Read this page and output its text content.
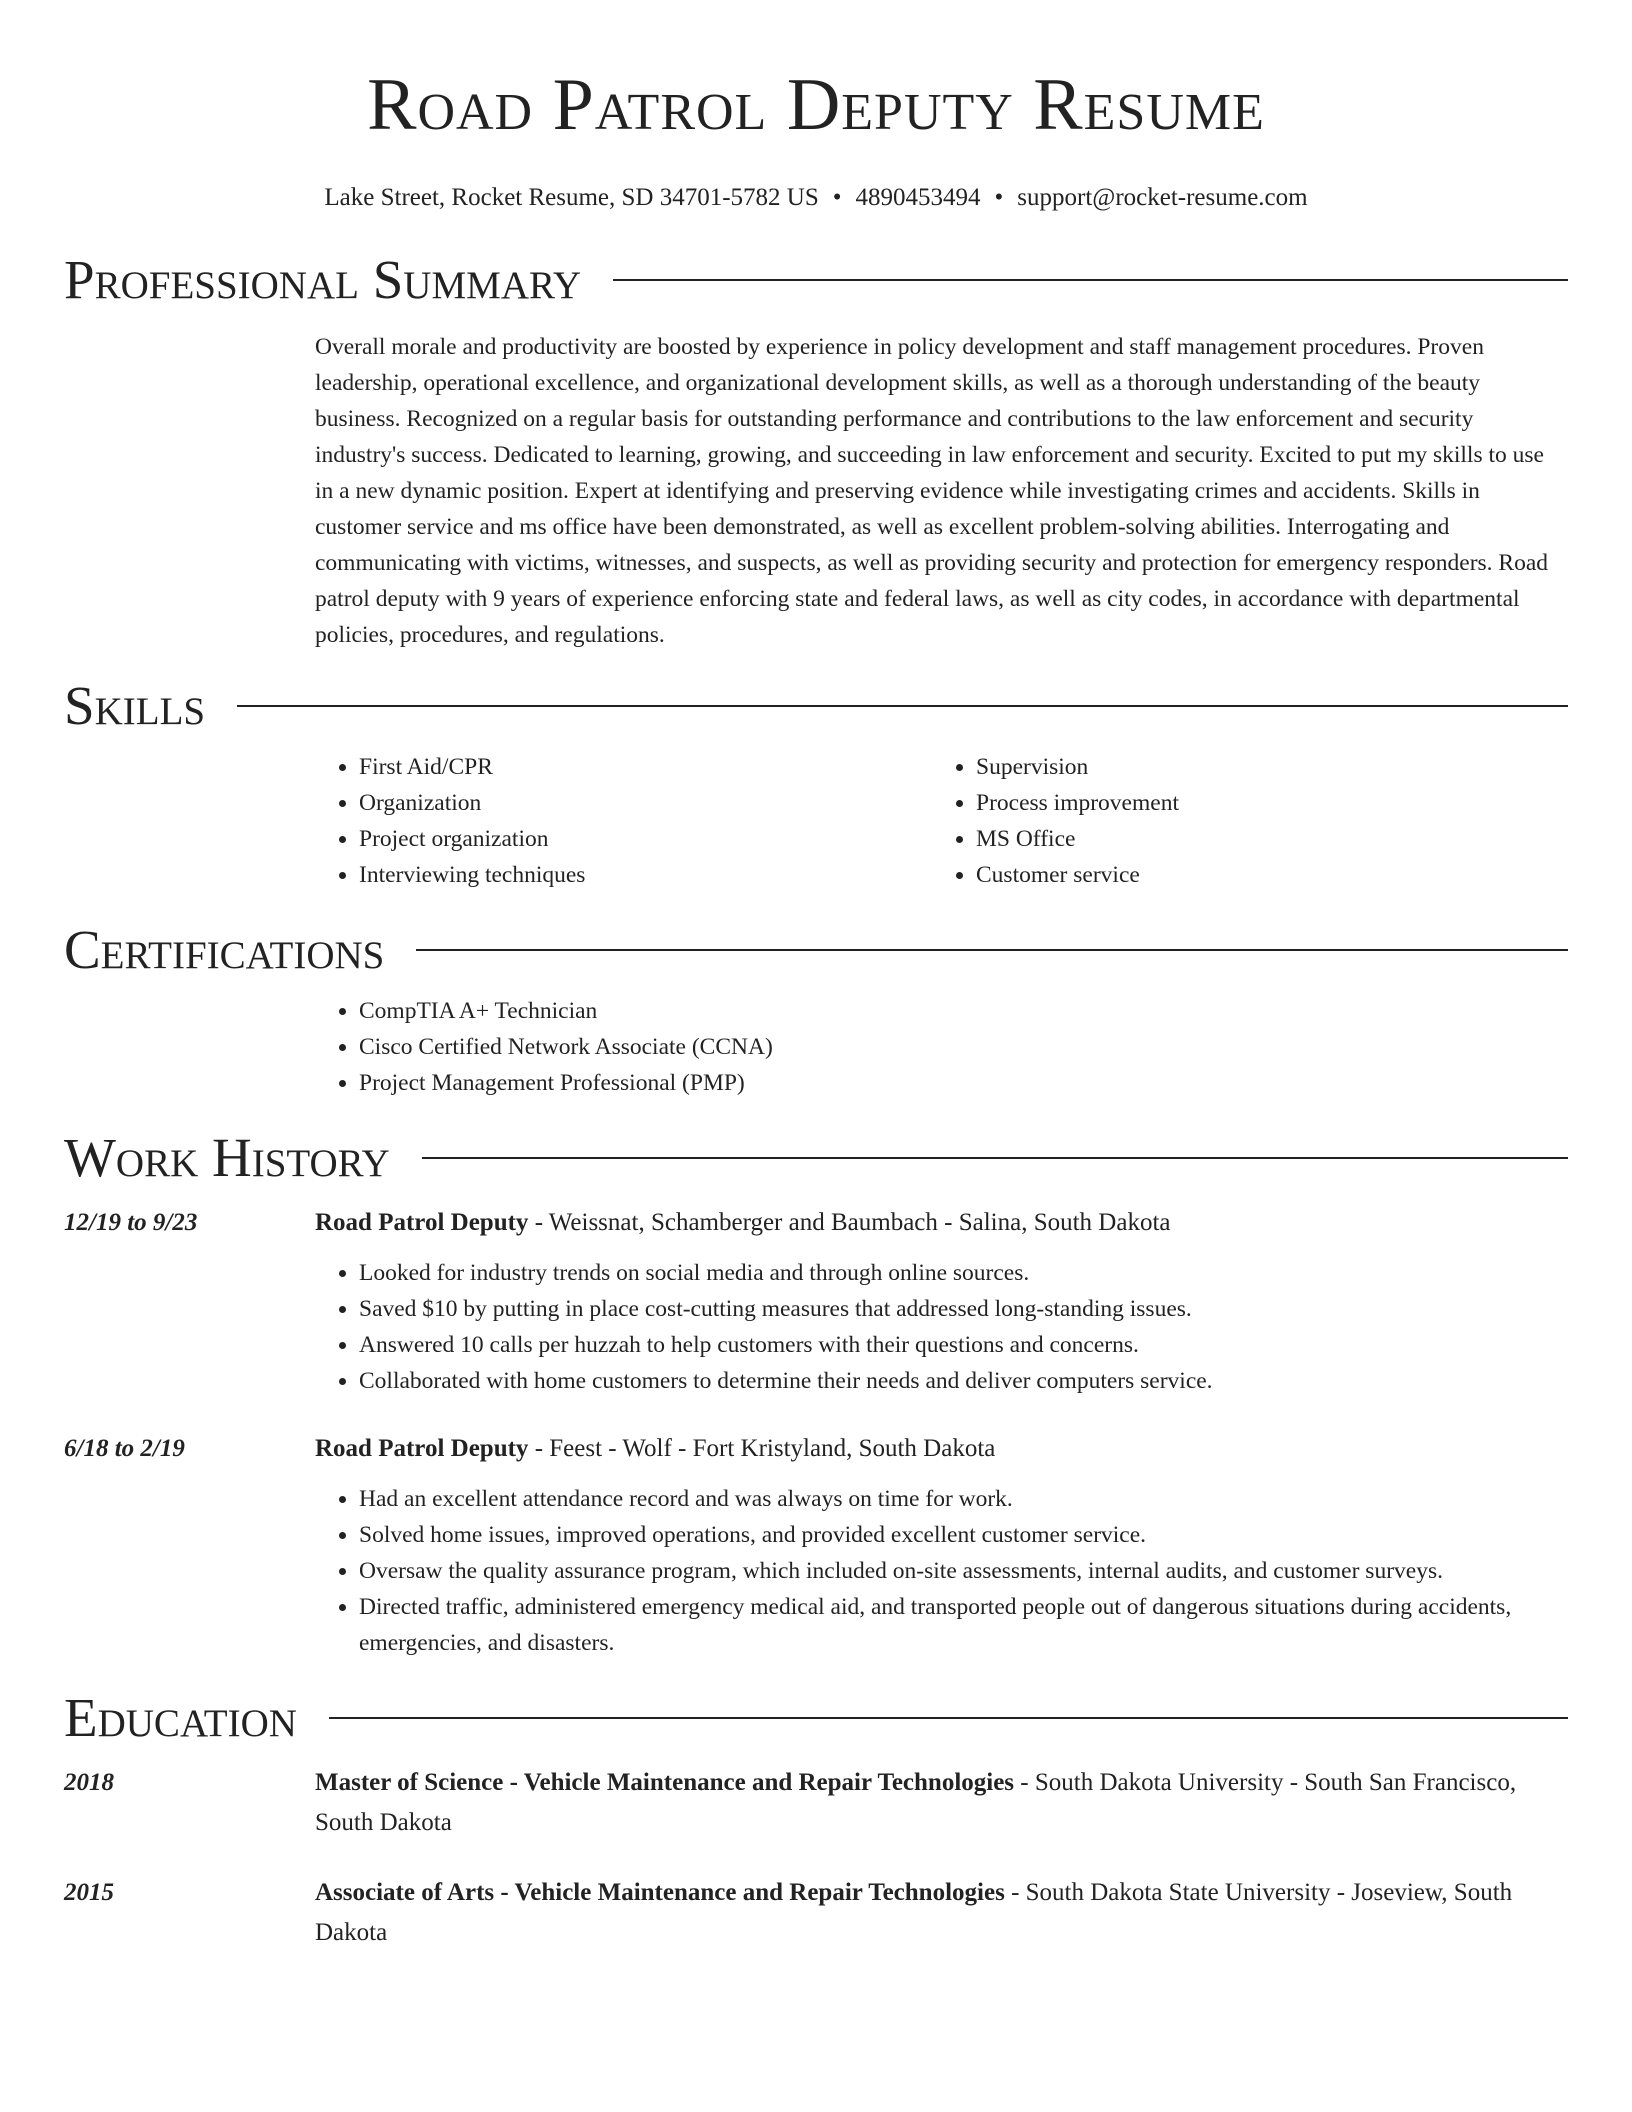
Road Patrol Deputy Resume
Lake Street, Rocket Resume, SD 34701-5782 US • 4890453494 • support@rocket-resume.com
Professional Summary

Overall morale and productivity are boosted by experience in policy development and staff management procedures. Proven leadership, operational excellence, and organizational development skills, as well as a thorough understanding of the beauty business. Recognized on a regular basis for outstanding performance and contributions to the law enforcement and security industry's success. Dedicated to learning, growing, and succeeding in law enforcement and security. Excited to put my skills to use in a new dynamic position. Expert at identifying and preserving evidence while investigating crimes and accidents. Skills in customer service and ms office have been demonstrated, as well as excellent problem-solving abilities. Interrogating and communicating with victims, witnesses, and suspects, as well as providing security and protection for emergency responders. Road patrol deputy with 9 years of experience enforcing state and federal laws, as well as city codes, in accordance with departmental policies, procedures, and regulations.

Skills
• First Aid/CPR
• Organization
• Project organization
• Interviewing techniques
• Supervision
• Process improvement
• MS Office
• Customer service
Certifications
• CompTIA A+ Technician
• Cisco Certified Network Associate (CCNA)
• Project Management Professional (PMP)
Work History
12/19 to 9/23	Road Patrol Deputy - Weissnat, Schamberger and Baumbach - Salina, South Dakota
• Looked for industry trends on social media and through online sources.
• Saved $10 by putting in place cost-cutting measures that addressed long-standing issues.
• Answered 10 calls per huzzah to help customers with their questions and concerns.
• Collaborated with home customers to determine their needs and deliver computers service.
6/18 to 2/19	Road Patrol Deputy - Feest - Wolf - Fort Kristyland, South Dakota
• Had an excellent attendance record and was always on time for work.
• Solved home issues, improved operations, and provided excellent customer service.
• Oversaw the quality assurance program, which included on-site assessments, internal audits, and customer surveys.
• Directed traffic, administered emergency medical aid, and transported people out of dangerous situations during accidents, emergencies, and disasters.
Education
2018	Master of Science - Vehicle Maintenance and Repair Technologies - South Dakota University - South San Francisco, South Dakota
2015	Associate of Arts - Vehicle Maintenance and Repair Technologies - South Dakota State University - Joseview, South Dakota
